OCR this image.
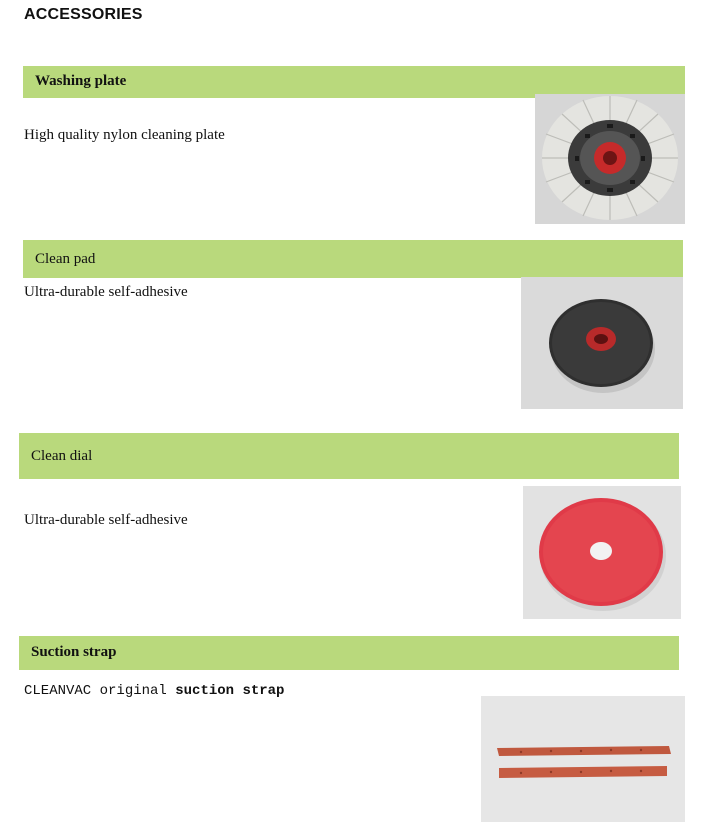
ACCESSORIES
Washing plate
High quality nylon cleaning plate
Clean pad
Ultra-durable self-adhesive
Clean dial
Ultra-durable self-adhesive
Suction strap
CLEANVAC original suction strap
